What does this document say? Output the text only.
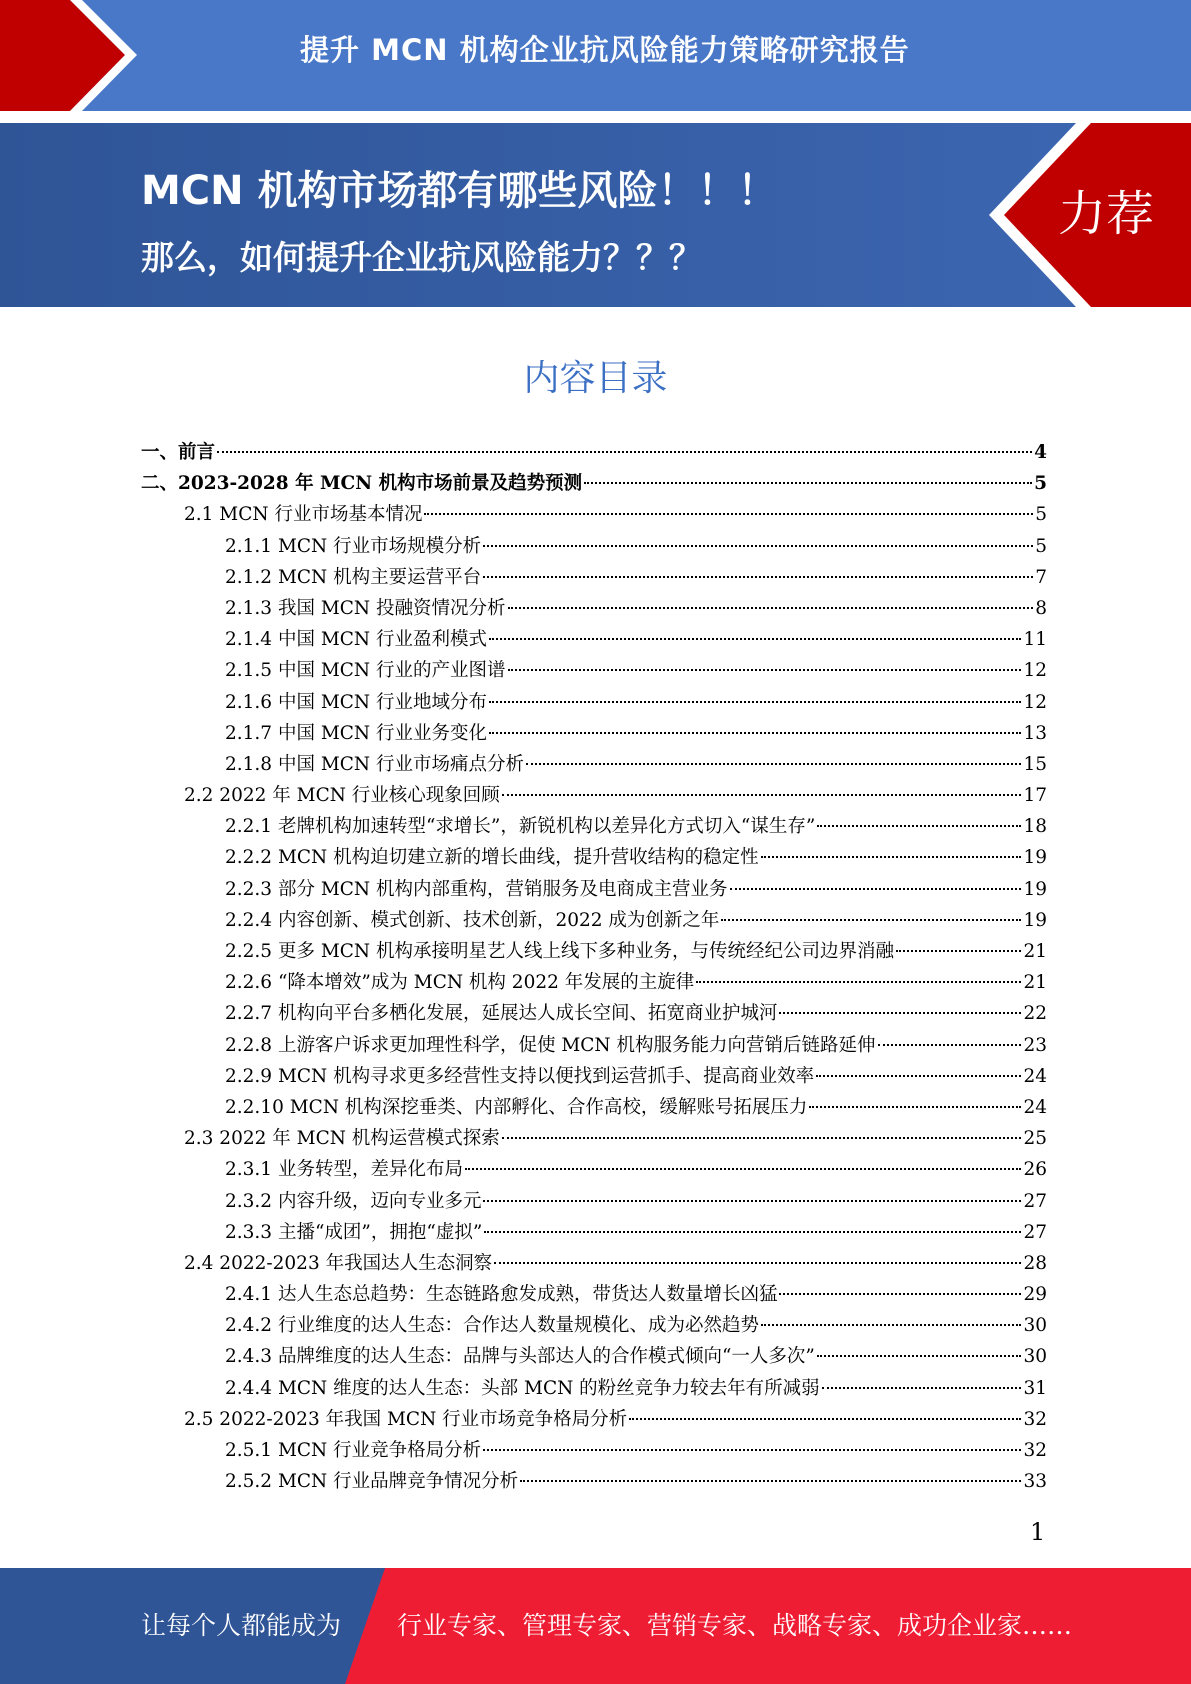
提升 MCN 机构企业抗风险能力策略研究报告
MCN 机构市场都有哪些风险！！！
那么，如何提升企业抗风险能力？？？
力荐
内容目录
一、前言	4
二、2023-2028 年 MCN 机构市场前景及趋势预测	5
2.1 MCN 行业市场基本情况	5
2.1.1 MCN 行业市场规模分析	5
2.1.2 MCN 机构主要运营平台	7
2.1.3 我国 MCN 投融资情况分析	8
2.1.4 中国 MCN 行业盈利模式	11
2.1.5 中国 MCN 行业的产业图谱	12
2.1.6 中国 MCN 行业地域分布	12
2.1.7 中国 MCN 行业业务变化	13
2.1.8 中国 MCN 行业市场痛点分析	15
2.2 2022 年 MCN 行业核心现象回顾	17
2.2.1 老牌机构加速转型“求增长”，新锐机构以差异化方式切入“谋生存”	18
2.2.2 MCN 机构迫切建立新的增长曲线，提升营收结构的稳定性	19
2.2.3 部分 MCN 机构内部重构，营销服务及电商成主营业务	19
2.2.4 内容创新、模式创新、技术创新，2022 成为创新之年	19
2.2.5 更多 MCN 机构承接明星艺人线上线下多种业务，与传统经纪公司边界消融	21
2.2.6 “降本增效”成为 MCN 机构 2022 年发展的主旋律	21
2.2.7 机构向平台多栖化发展，延展达人成长空间、拓宽商业护城河	22
2.2.8 上游客户诉求更加理性科学，促使 MCN 机构服务能力向营销后链路延伸	23
2.2.9 MCN 机构寻求更多经营性支持以便找到运营抓手、提高商业效率	24
2.2.10 MCN 机构深挖垂类、内部孵化、合作高校，缓解账号拓展压力	24
2.3 2022 年 MCN 机构运营模式探索	25
2.3.1 业务转型，差异化布局	26
2.3.2 内容升级，迈向专业多元	27
2.3.3 主播“成团”，拥抱“虚拟”	27
2.4 2022-2023 年我国达人生态洞察	28
2.4.1 达人生态总趋势：生态链路愈发成熟，带货达人数量增长凶猛	29
2.4.2 行业维度的达人生态：合作达人数量规模化、成为必然趋势	30
2.4.3 品牌维度的达人生态：品牌与头部达人的合作模式倾向“一人多次”	30
2.4.4 MCN 维度的达人生态：头部 MCN 的粉丝竞争力较去年有所减弱	31
2.5 2022-2023 年我国 MCN 行业市场竞争格局分析	32
2.5.1 MCN 行业竞争格局分析	32
2.5.2 MCN 行业品牌竞争情况分析	33
1
让每个人都能成为 行业专家、管理专家、营销专家、战略专家、成功企业家……
